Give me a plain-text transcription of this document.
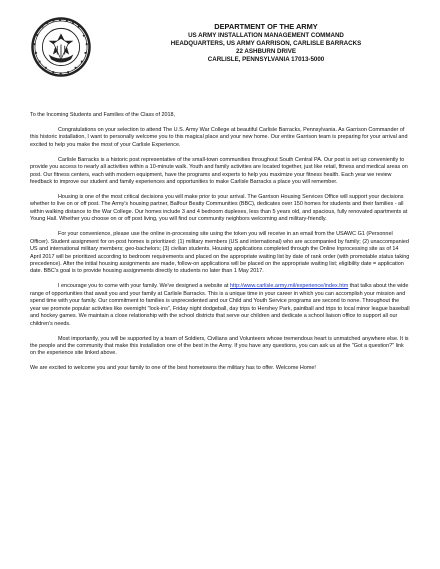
DEPARTMENT OF THE ARMY
US ARMY INSTALLATION MANAGEMENT COMMAND
HEADQUARTERS, US ARMY GARRISON, CARLISLE BARRACKS
22 ASHBURN DRIVE
CARLISLE, PENNSYLVANIA 17013-5000

To the Incoming Students and Families of the Class of 2018,

Congratulations on your selection to attend The U.S. Army War College at beautiful Carlisle Barracks, Pennsylvania. As Garrison Commander of this historic installation, I want to personally welcome you to this magical place and your new home. Our entire Garrison team is preparing for your arrival and excited to help you make the most of your Carlisle Experience.

Carlisle Barracks is a historic post representative of the small-town communities throughout South Central PA. Our post is set up conveniently to provide you access to nearly all activities within a 10-minute walk. Youth and family activities are located together, just like retail, fitness and medical areas on post. Our fitness centers, each with modern equipment, have the programs and experts to help you maximize your fitness health. Each year we review feedback to improve our student and family experiences and opportunities to make Carlisle Barracks a place you will remember.

Housing is one of the most critical decisions you will make prior to your arrival. The Garrison Housing Services Office will support your decisions whether to live on or off post. The Army's housing partner, Balfour Beatty Communities (BBC), dedicates over 150 homes for students and their families - all within walking distance to the War College. Our homes include 3 and 4 bedroom duplexes, less than 5 years old, and spacious, fully renovated apartments at Young Hall. Whether you choose on or off post living, you will find our community neighbors welcoming and military-friendly.

For your convenience, please use the online in-processing site using the token you will receive in an email from the USAWC G1 (Personnel Officer). Student assignment for on-post homes is prioritized: (1) military members (US and international) who are accompanied by family; (2) unaccompanied US and international military members; geo-bachelors; (3) civilian students. Housing applications completed through the Online Inprocessing site as of 14 April 2017 will be prioritized according to bedroom requirements and placed on the appropriate waiting list by date of rank order (with promotable status taking precedence). After the initial housing assignments are made, follow-on applications will be placed on the appropriate waiting list; eligibility date = application date. BBC's goal is to provide housing assignments directly to students no later than 1 May 2017.

I encourage you to come with your family. We've designed a website at http://www.carlisle.army.mil/experience/index.htm that talks about the wide range of opportunities that await you and your family at Carlisle Barracks. This is a unique time in your career in which you can accomplish your mission and spend time with your family. Our commitment to families is unprecedented and our Child and Youth Service programs are second to none. Throughout the year we promote popular activities like overnight "lock-ins", Friday night dodgeball, day trips to Hershey Park, paintball and trips to local minor league baseball and hockey games. We maintain a close relationship with the school districts that serve our children and dedicate a school liaison office to support all our children's needs.

Most importantly, you will be supported by a team of Soldiers, Civilians and Volunteers whose tremendous heart is unmatched anywhere else. It is the people and the community that make this installation one of the best in the Army. If you have any questions, you can ask us at the "Got a question?" link on the experience site linked above.

We are excited to welcome you and your family to one of the best hometowns the military has to offer. Welcome Home!
